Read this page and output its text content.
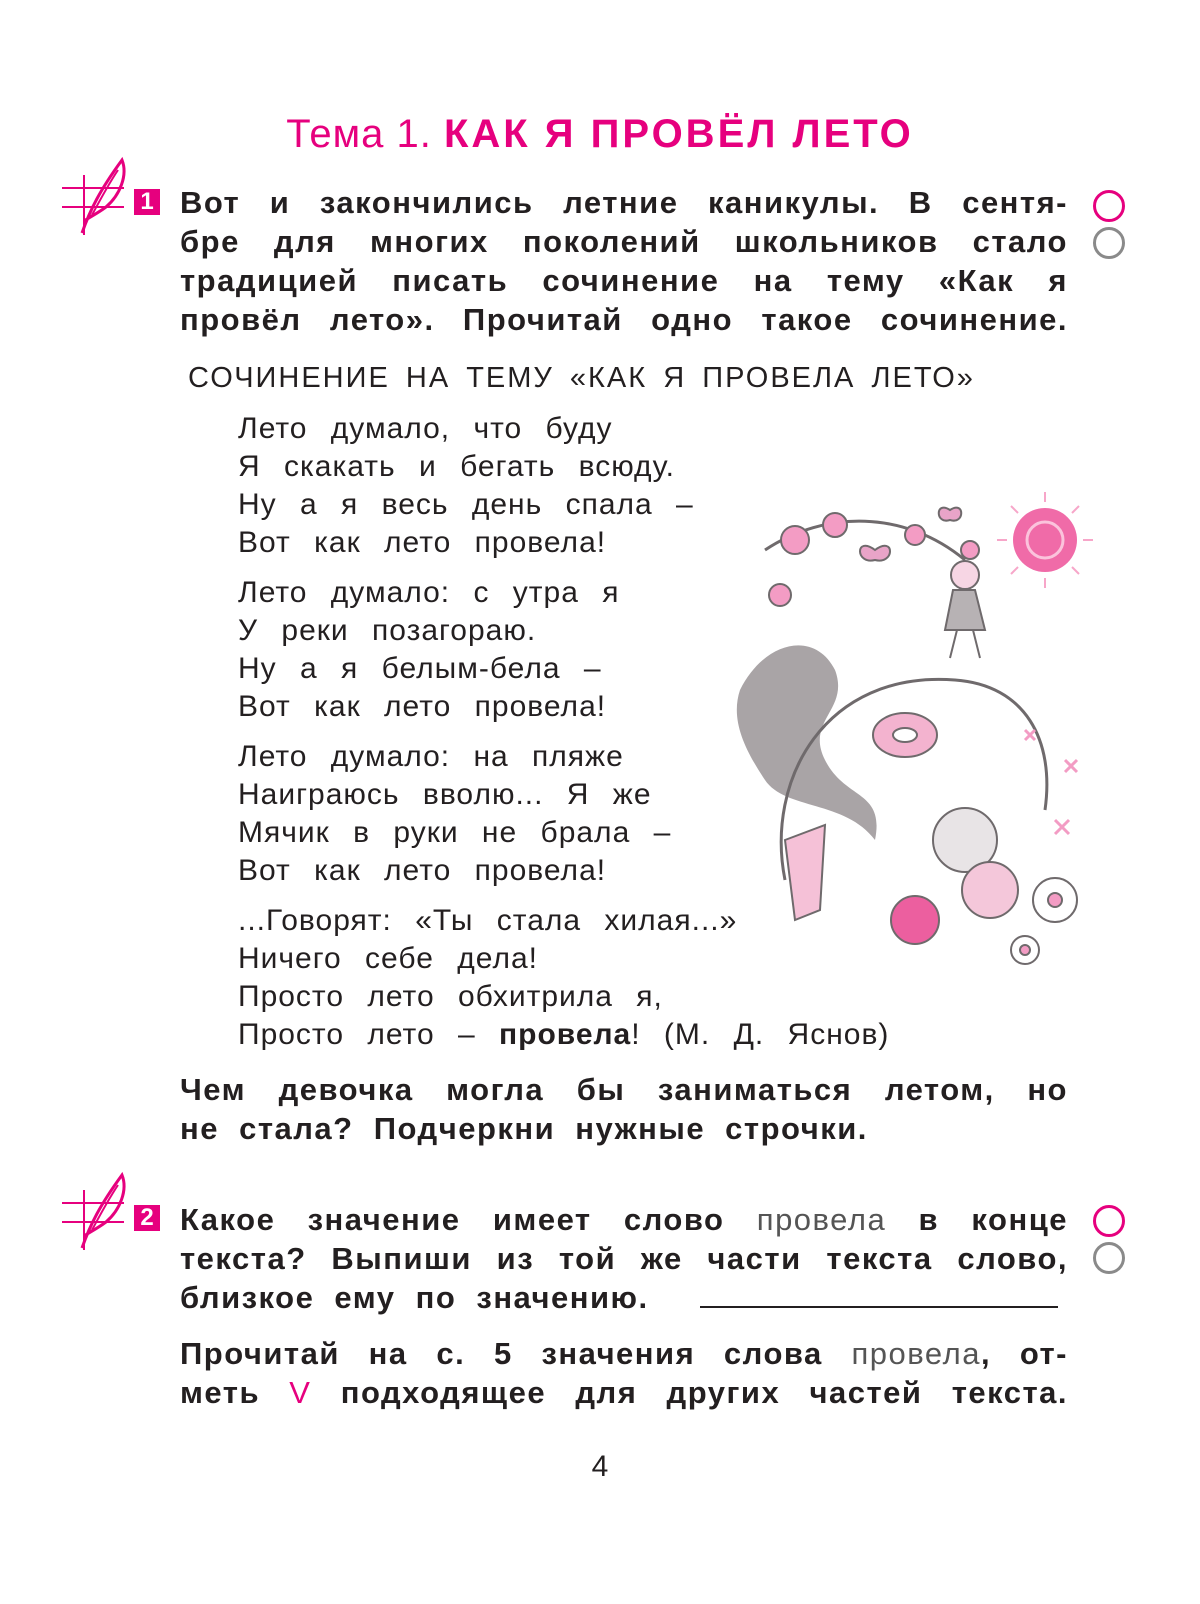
Тема 1. КАК Я ПРОВЁЛ ЛЕТО
1 Вот и закончились летние каникулы. В сентя-
бре для многих поколений школьников стало
традицией писать сочинение на тему «Как я
провёл лето». Прочитай одно такое сочинение.
СОЧИНЕНИЕ НА ТЕМУ «КАК Я ПРОВЕЛА ЛЕТО»
Лето думало, что буду
Я скакать и бегать всюду.
Ну а я весь день спала –
Вот как лето провела!
Лето думало: с утра я
У реки позагораю.
Ну а я белым-бела –
Вот как лето провела!
Лето думало: на пляже
Наиграюсь вволю... Я же
Мячик в руки не брала –
Вот как лето провела!
...Говорят: «Ты стала хилая...»
Ничего себе дела!
Просто лето обхитрила я,
Просто лето – провела! (М. Д. Яснов)
Чем девочка могла бы заниматься летом, но
не стала? Подчеркни нужные строчки.
2 Какое значение имеет слово провела в конце
текста? Выпиши из той же части текста слово,
близкое ему по значению.
Прочитай на с. 5 значения слова провела, от-
меть V подходящее для других частей текста.
4
